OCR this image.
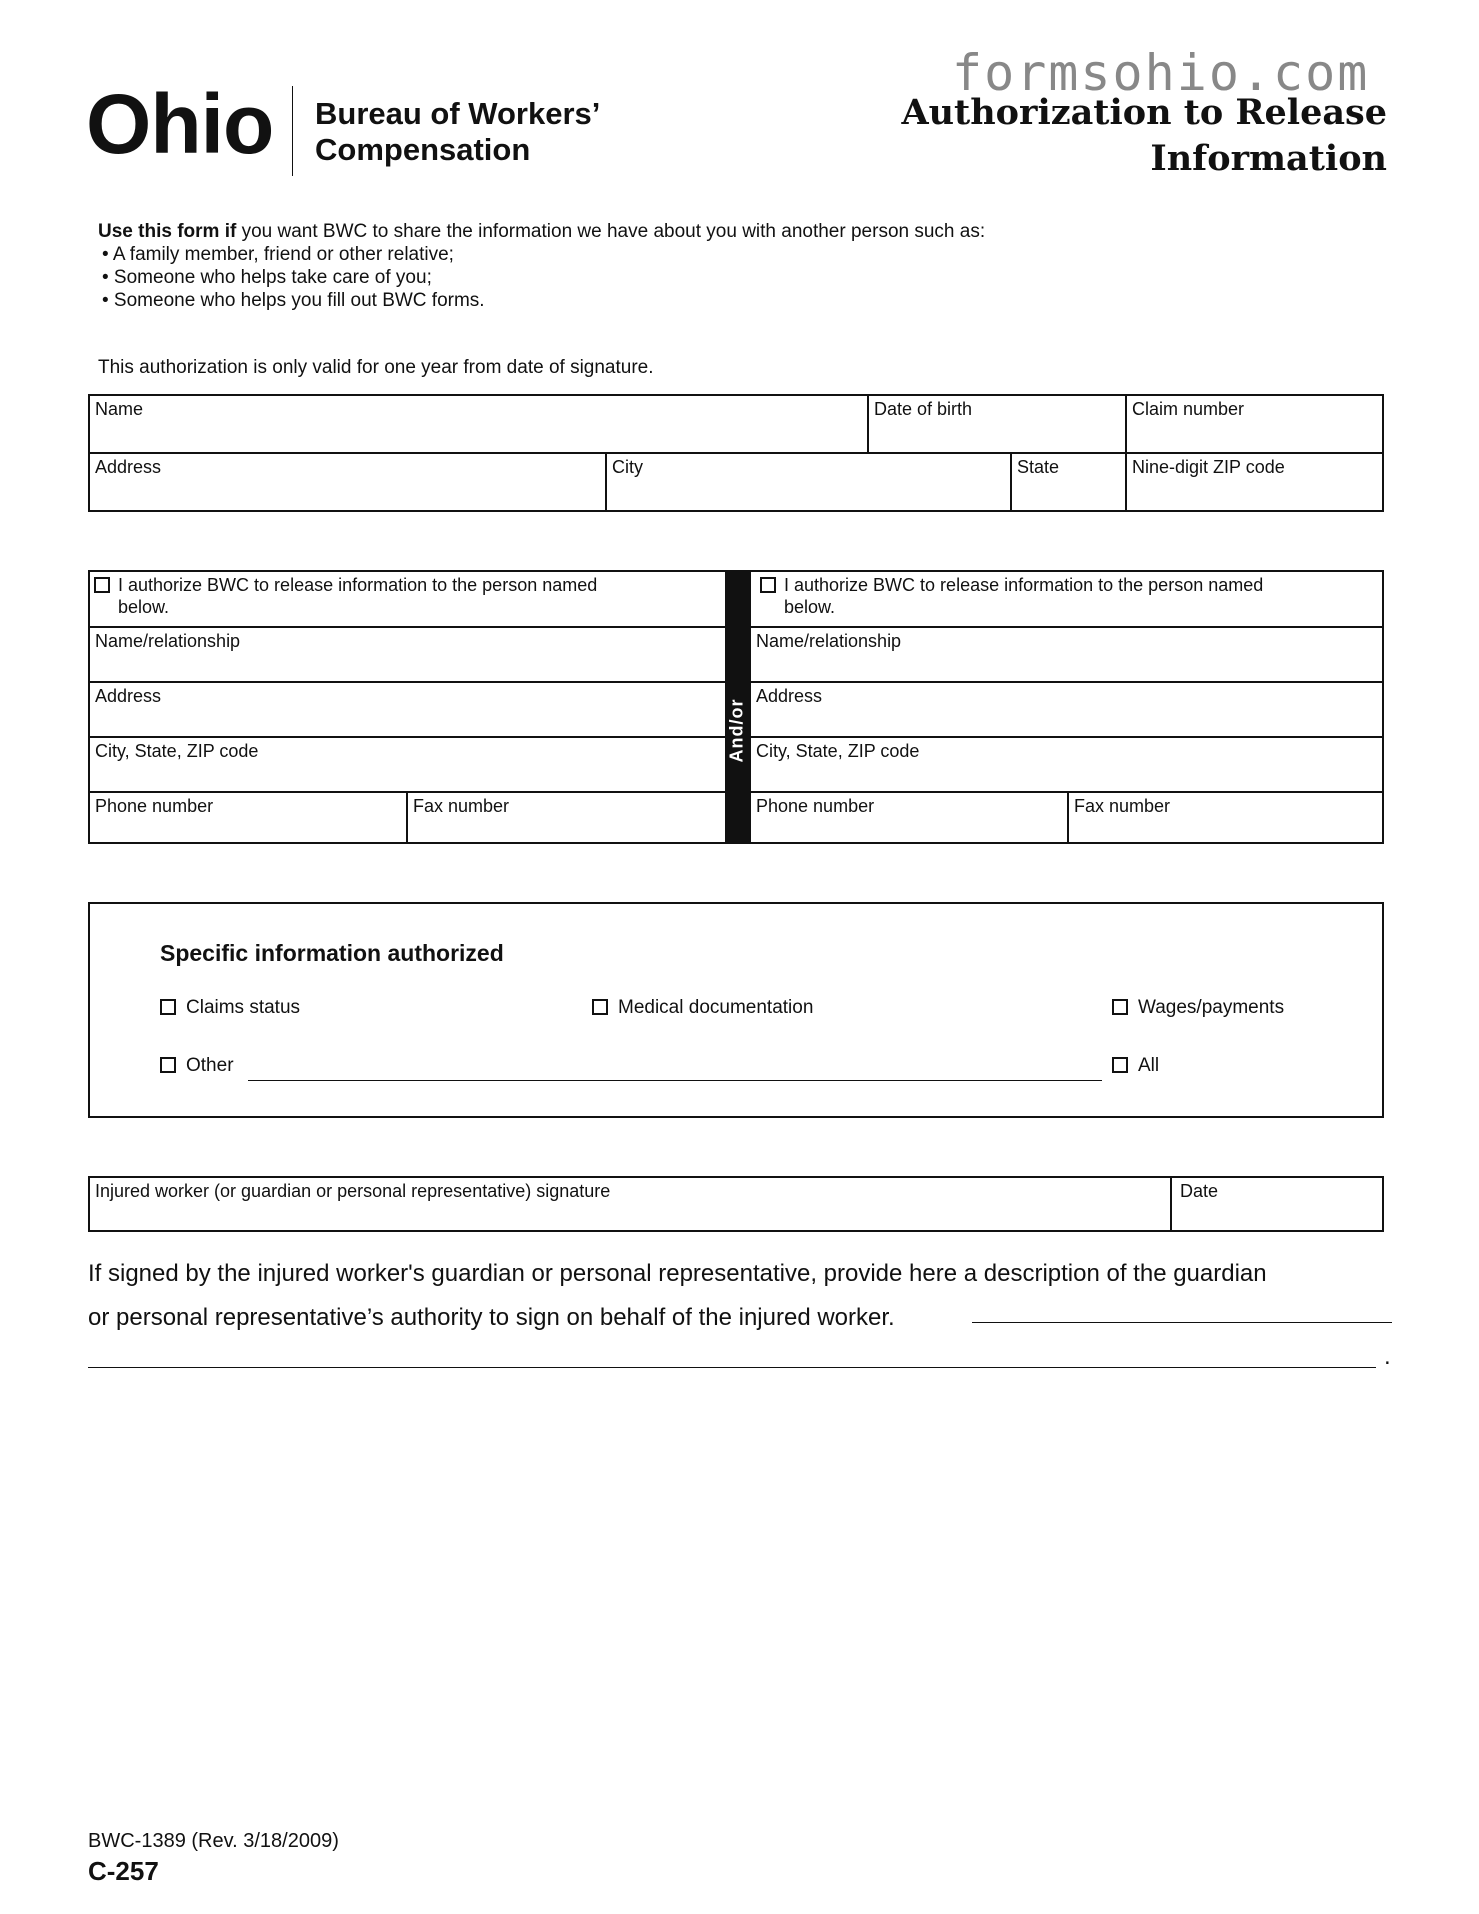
formsohio.com
Ohio Bureau of Workers’
Compensation
Authorization to Release
Information
Use this form if you want BWC to share the information we have about you with another person such as:
• A family member, friend or other relative;
• Someone who helps take care of you;
• Someone who helps you fill out BWC forms.
This authorization is only valid for one year from date of signature.
Name	Date of birth	Claim number
Address	City	State	Nine-digit ZIP code
I authorize BWC to release information to the person named
below.
Name/relationship
Address
City, State, ZIP code
Phone number	Fax number
I authorize BWC to release information to the person named
below.
Name/relationship
Address
City, State, ZIP code
Phone number	Fax number
And/or
Specific information authorized
Claims status	Medical documentation	Wages/payments
Other	All
Injured worker (or guardian or personal representative) signature	Date
If signed by the injured worker's guardian or personal representative, provide here a description of the guardian
or personal representative’s authority to sign on behalf of the injured worker.
.
BWC-1389 (Rev. 3/18/2009)
C-257
